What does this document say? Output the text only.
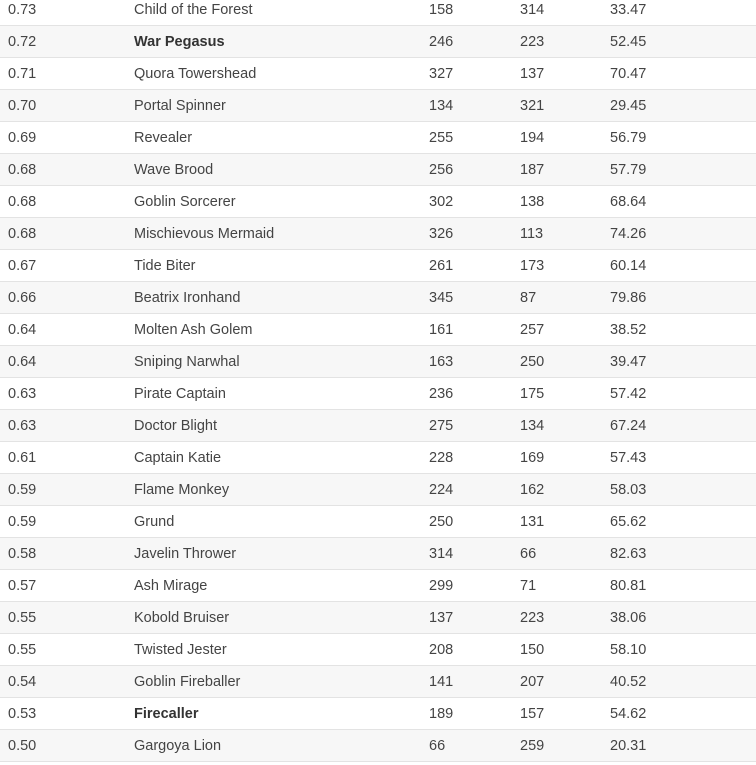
0.73	Child of the Forest	158	314	33.47
0.72	War Pegasus	246	223	52.45
0.71	Quora Towershead	327	137	70.47
0.70	Portal Spinner	134	321	29.45
0.69	Revealer	255	194	56.79
0.68	Wave Brood	256	187	57.79
0.68	Goblin Sorcerer	302	138	68.64
0.68	Mischievous Mermaid	326	113	74.26
0.67	Tide Biter	261	173	60.14
0.66	Beatrix Ironhand	345	87	79.86
0.64	Molten Ash Golem	161	257	38.52
0.64	Sniping Narwhal	163	250	39.47
0.63	Pirate Captain	236	175	57.42
0.63	Doctor Blight	275	134	67.24
0.61	Captain Katie	228	169	57.43
0.59	Flame Monkey	224	162	58.03
0.59	Grund	250	131	65.62
0.58	Javelin Thrower	314	66	82.63
0.57	Ash Mirage	299	71	80.81
0.55	Kobold Bruiser	137	223	38.06
0.55	Twisted Jester	208	150	58.10
0.54	Goblin Fireballer	141	207	40.52
0.53	Firecaller	189	157	54.62
0.50	Gargoya Lion	66	259	20.31
